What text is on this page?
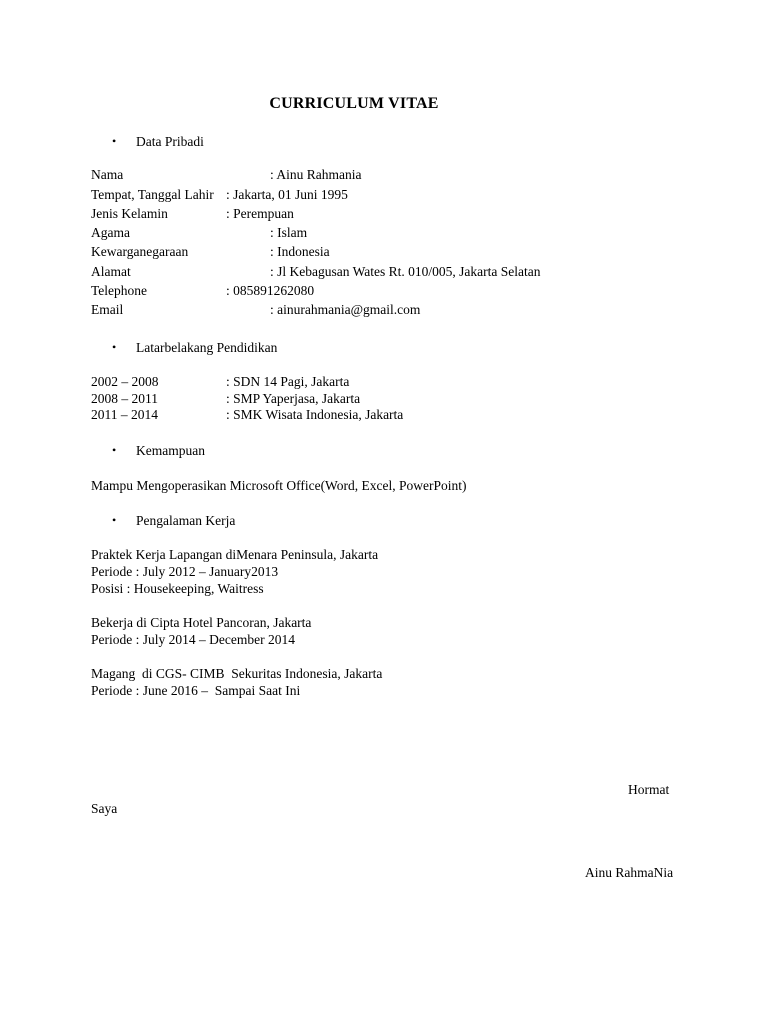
CURRICULUM VITAE
• Data Pribadi
Nama	: Ainu Rahmania
Tempat, Tanggal Lahir : Jakarta, 01 Juni 1995
Jenis Kelamin	: Perempuan
Agama	: Islam
Kewarganegaraan	: Indonesia
Alamat	: Jl Kebagusan Wates Rt. 010/005, Jakarta Selatan
Telephone	: 085891262080
Email	: ainurahmania@gmail.com
• Latarbelakang Pendidikan
2002 – 2008	: SDN 14 Pagi, Jakarta
2008 – 2011	: SMP Yaperjasa, Jakarta
2011 – 2014	: SMK Wisata Indonesia, Jakarta
• Kemampuan
Mampu Mengoperasikan Microsoft Office(Word, Excel, PowerPoint)
• Pengalaman Kerja
Praktek Kerja Lapangan diMenara Peninsula, Jakarta
Periode : July 2012 – January2013
Posisi : Housekeeping, Waitress
Bekerja di Cipta Hotel Pancoran, Jakarta
Periode : July 2014 – December 2014
Magang  di CGS- CIMB  Sekuritas Indonesia, Jakarta
Periode : June 2016 –  Sampai Saat Ini
Hormat
Saya
Ainu RahmaNia
